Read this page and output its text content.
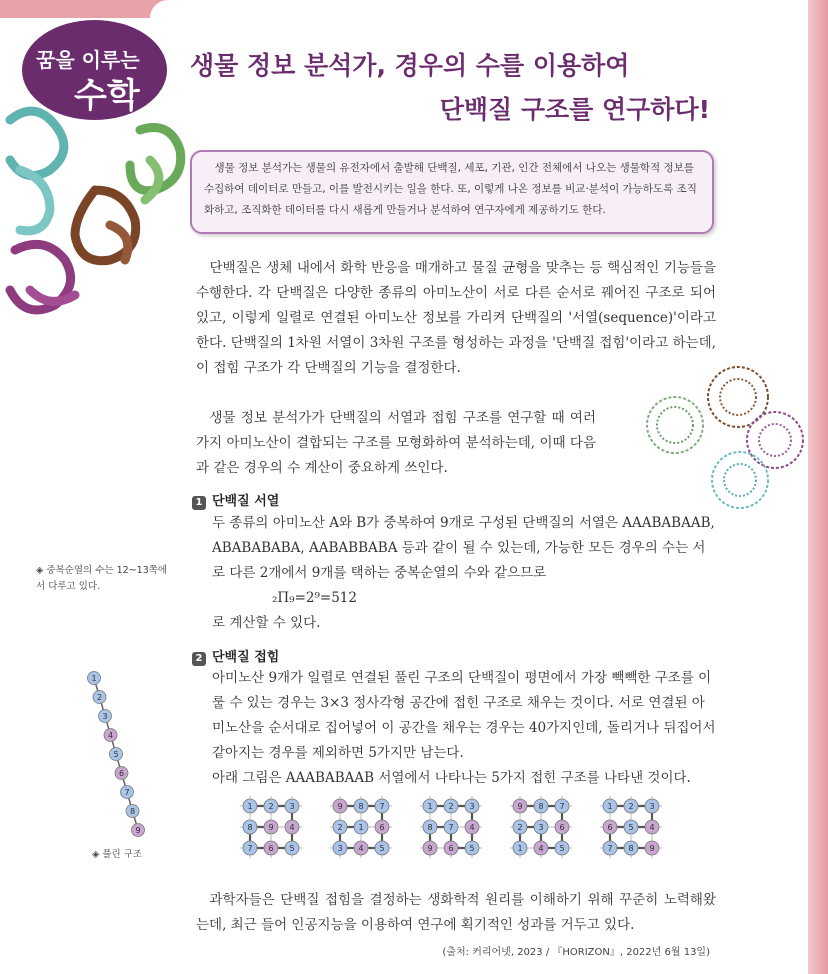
꿈을 이루는
수학
생물 정보 분석가, 경우의 수를 이용하여
단백질 구조를 연구하다!

생물 정보 분석가는 생물의 유전자에서 출발해 단백질, 세포, 기관, 인간 전체에서 나오는 생물학적 정보를 수집하여 데이터로 만들고, 이를 발전시키는 일을 한다. 또, 이렇게 나온 정보를 비교·분석이 가능하도록 조직화하고, 조직화한 데이터를 다시 새롭게 만들거나 분석하여 연구자에게 제공하기도 한다.

단백질은 생체 내에서 화학 반응을 매개하고 물질 균형을 맞추는 등 핵심적인 기능들을 수행한다. 각 단백질은 다양한 종류의 아미노산이 서로 다른 순서로 꿰어진 구조로 되어 있고, 이렇게 일렬로 연결된 아미노산 정보를 가리켜 단백질의 '서열(sequence)'이라고 한다. 단백질의 1차원 서열이 3차원 구조를 형성하는 과정을 '단백질 접힘'이라고 하는데, 이 접힘 구조가 각 단백질의 기능을 결정한다.
생물 정보 분석가가 단백질의 서열과 접힘 구조를 연구할 때 여러 가지 아미노산이 결합되는 구조를 모형화하여 분석하는데, 이때 다음과 같은 경우의 수 계산이 중요하게 쓰인다.
1 단백질 서열
두 종류의 아미노산 A와 B가 중복하여 9개로 구성된 단백질의 서열은 AAABABAAB, ABABABABA, AABABBABA 등과 같이 될 수 있는데, 가능한 모든 경우의 수는 서로 다른 2개에서 9개를 택하는 중복순열의 수와 같으므로
₂Π₉=2⁹=512
로 계산할 수 있다.
◈ 중복순열의 수는 12~13쪽에서 다루고 있다.
2 단백질 접힘
아미노산 9개가 일렬로 연결된 풀린 구조의 단백질이 평면에서 가장 빽빽한 구조를 이룰 수 있는 경우는 3×3 정사각형 공간에 접힌 구조로 채우는 것이다. 서로 연결된 아미노산을 순서대로 집어넣어 이 공간을 채우는 경우는 40가지인데, 돌리거나 뒤집어서 같아지는 경우를 제외하면 5가지만 남는다.
아래 그림은 AAABABAAB 서열에서 나타나는 5가지 접힌 구조를 나타낸 것이다.
1
2
3
4
5
6
7
8
9
◈ 풀린 구조
1 2 3
8 9 4
7 6 5
9 8 7
2 1 6
3 4 5
1 2 3
8 7 4
9 6 5
9 8 7
2 3 6
1 4 5
1 2 3
6 5 4
7 8 9
과학자들은 단백질 접힘을 결정하는 생화학적 원리를 이해하기 위해 꾸준히 노력해왔는데, 최근 들어 인공지능을 이용하여 연구에 획기적인 성과를 거두고 있다.
(출처: 커리어넷, 2023 / 『HORIZON』, 2022년 6월 13일)
